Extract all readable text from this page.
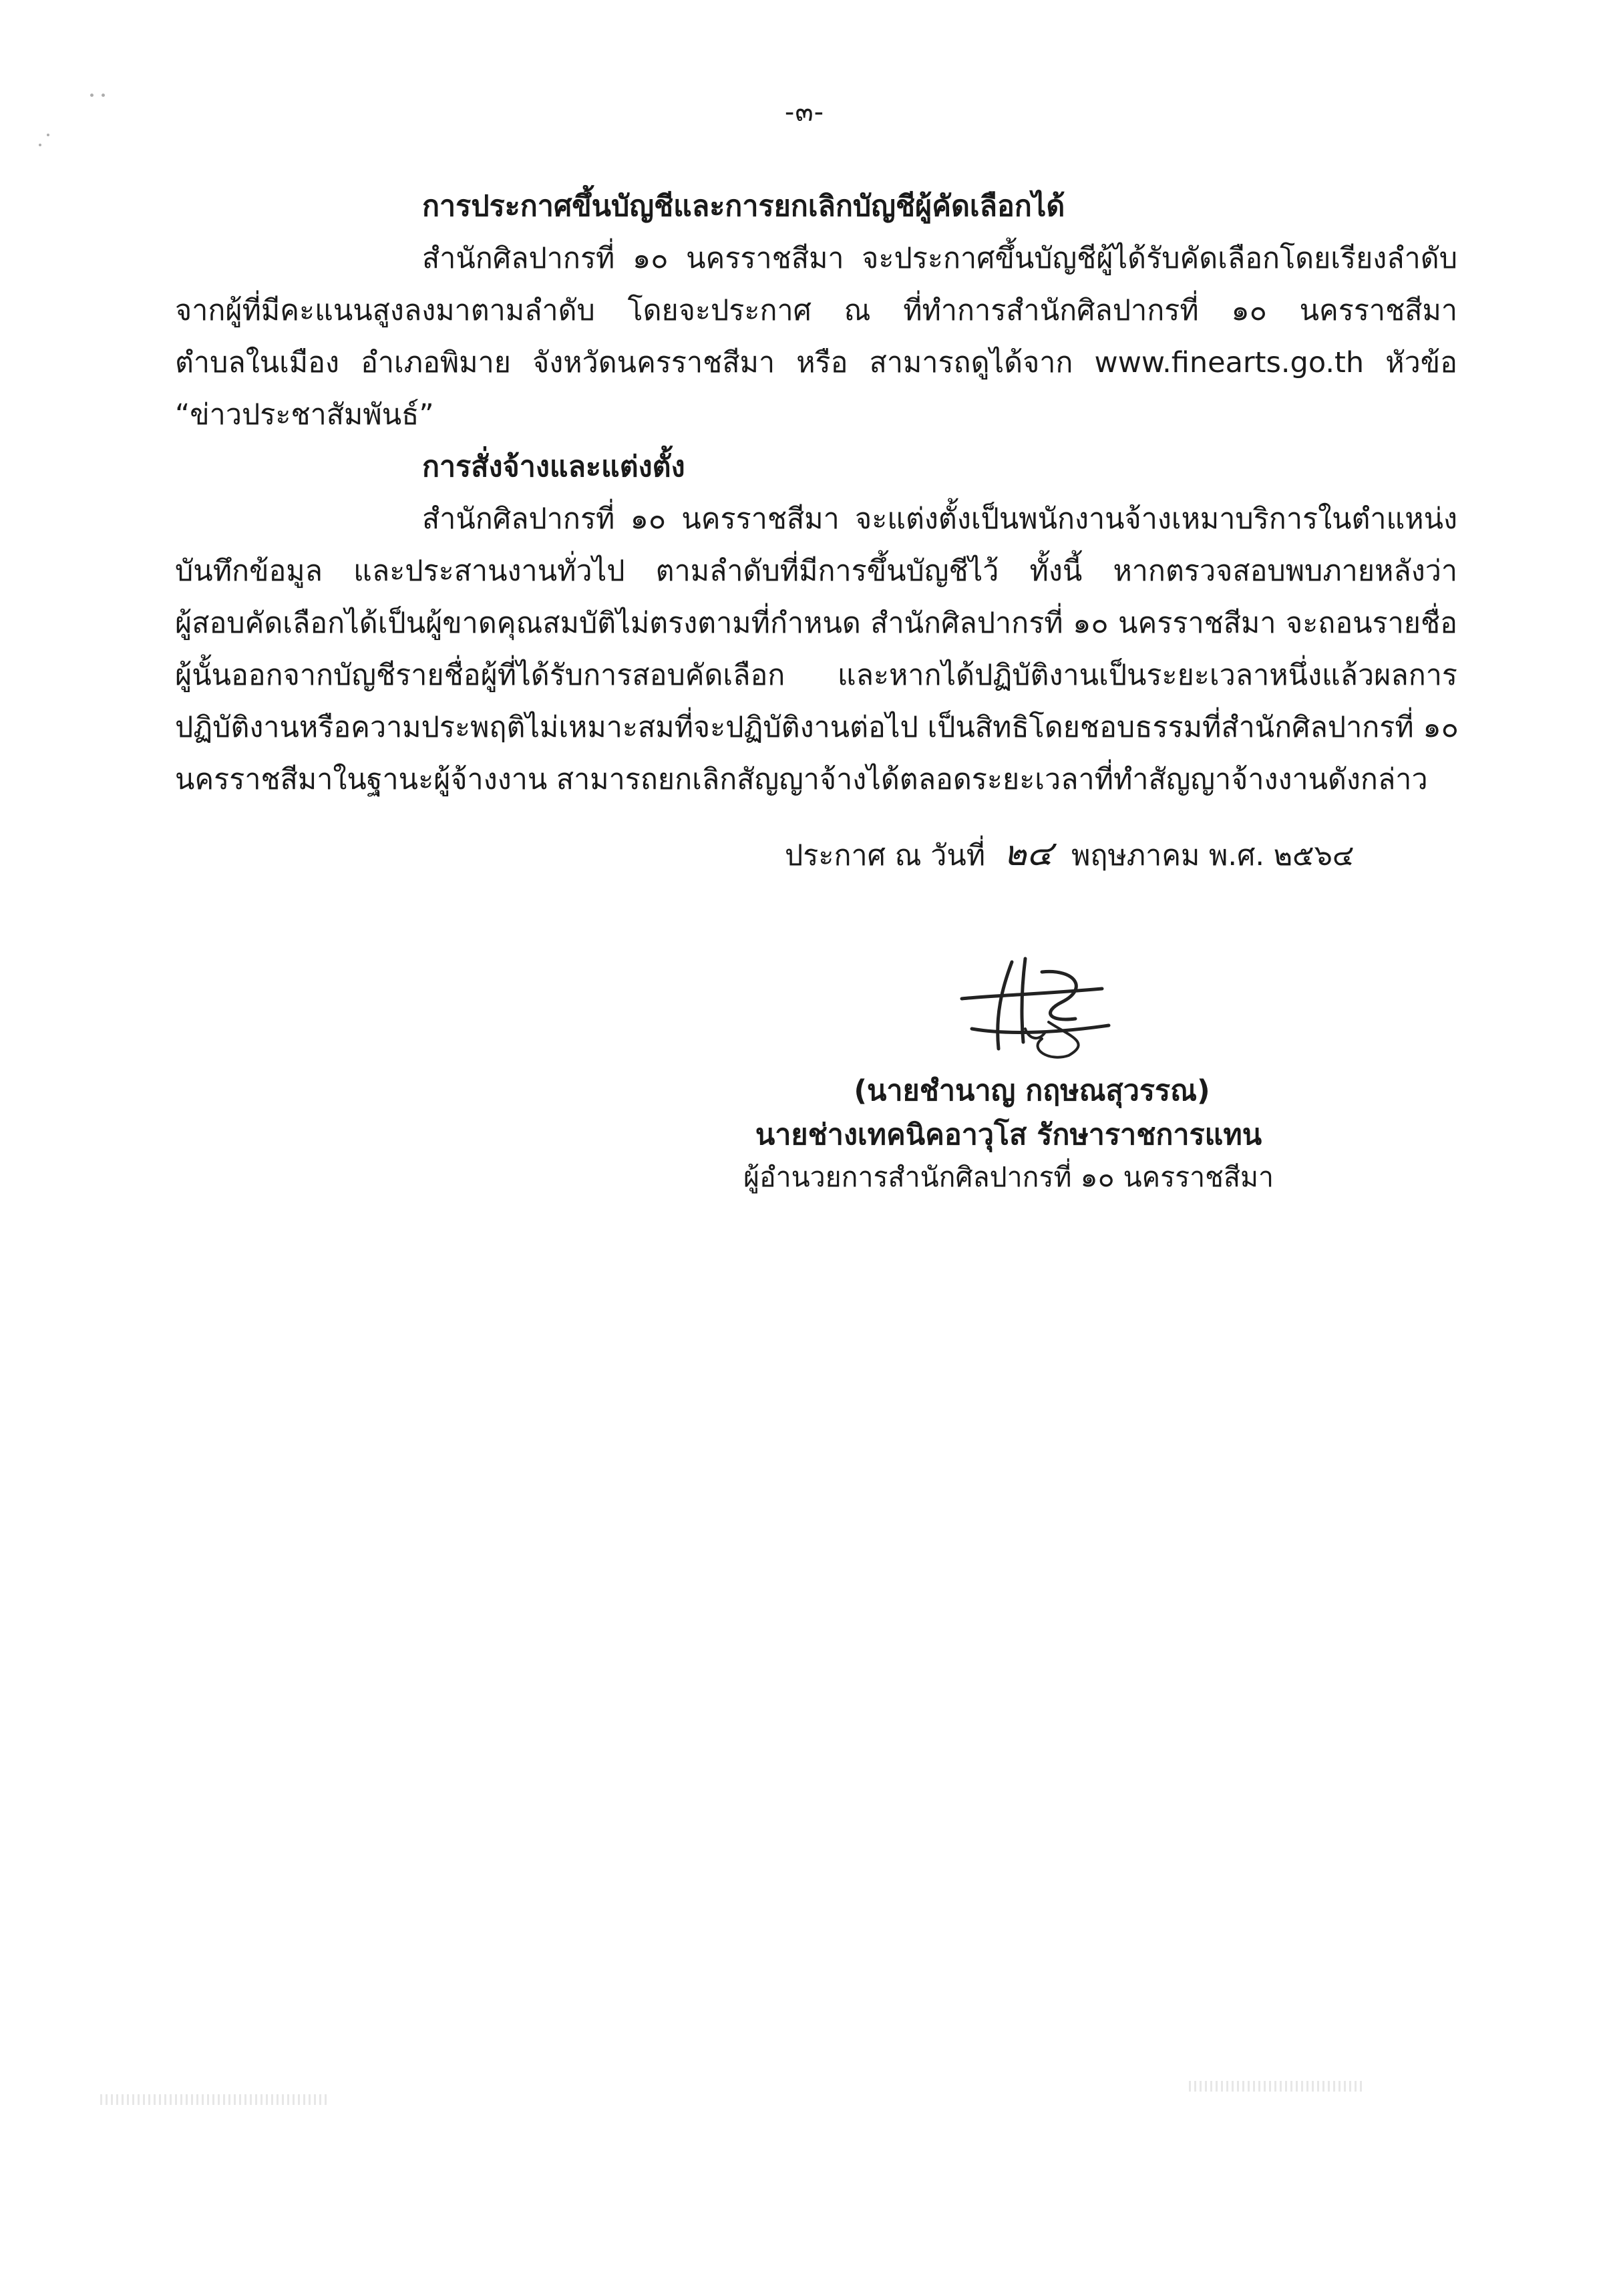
-๓-
การประกาศขึ้นบัญชีและการยกเลิกบัญชีผู้คัดเลือกได้
สำนักศิลปากรที่ ๑๐ นครราชสีมา จะประกาศขึ้นบัญชีผู้ได้รับคัดเลือกโดยเรียงลำดับ
จากผู้ที่มีคะแนนสูงลงมาตามลำดับ โดยจะประกาศ ณ ที่ทำการสำนักศิลปากรที่ ๑๐ นครราชสีมา
ตำบลในเมือง อำเภอพิมาย จังหวัดนครราชสีมา หรือ สามารถดูได้จาก www.finearts.go.th หัวข้อ
“ข่าวประชาสัมพันธ์”
การสั่งจ้างและแต่งตั้ง
สำนักศิลปากรที่ ๑๐ นครราชสีมา จะแต่งตั้งเป็นพนักงานจ้างเหมาบริการในตำแหน่ง
บันทึกข้อมูล และประสานงานทั่วไป ตามลำดับที่มีการขึ้นบัญชีไว้ ทั้งนี้ หากตรวจสอบพบภายหลังว่า
ผู้สอบคัดเลือกได้เป็นผู้ขาดคุณสมบัติไม่ตรงตามที่กำหนด สำนักศิลปากรที่ ๑๐ นครราชสีมา จะถอนรายชื่อ
ผู้นั้นออกจากบัญชีรายชื่อผู้ที่ได้รับการสอบคัดเลือก และหากได้ปฏิบัติงานเป็นระยะเวลาหนึ่งแล้วผลการ
ปฏิบัติงานหรือความประพฤติไม่เหมาะสมที่จะปฏิบัติงานต่อไป เป็นสิทธิโดยชอบธรรมที่สำนักศิลปากรที่ ๑๐
นครราชสีมาในฐานะผู้จ้างงาน สามารถยกเลิกสัญญาจ้างได้ตลอดระยะเวลาที่ทำสัญญาจ้างงานดังกล่าว
ประกาศ ณ วันที่ ๒๔ พฤษภาคม พ.ศ. ๒๕๖๔
(นายชำนาญ กฤษณสุวรรณ)
นายช่างเทคนิคอาวุโส รักษาราชการแทน
ผู้อำนวยการสำนักศิลปากรที่ ๑๐ นครราชสีมา
